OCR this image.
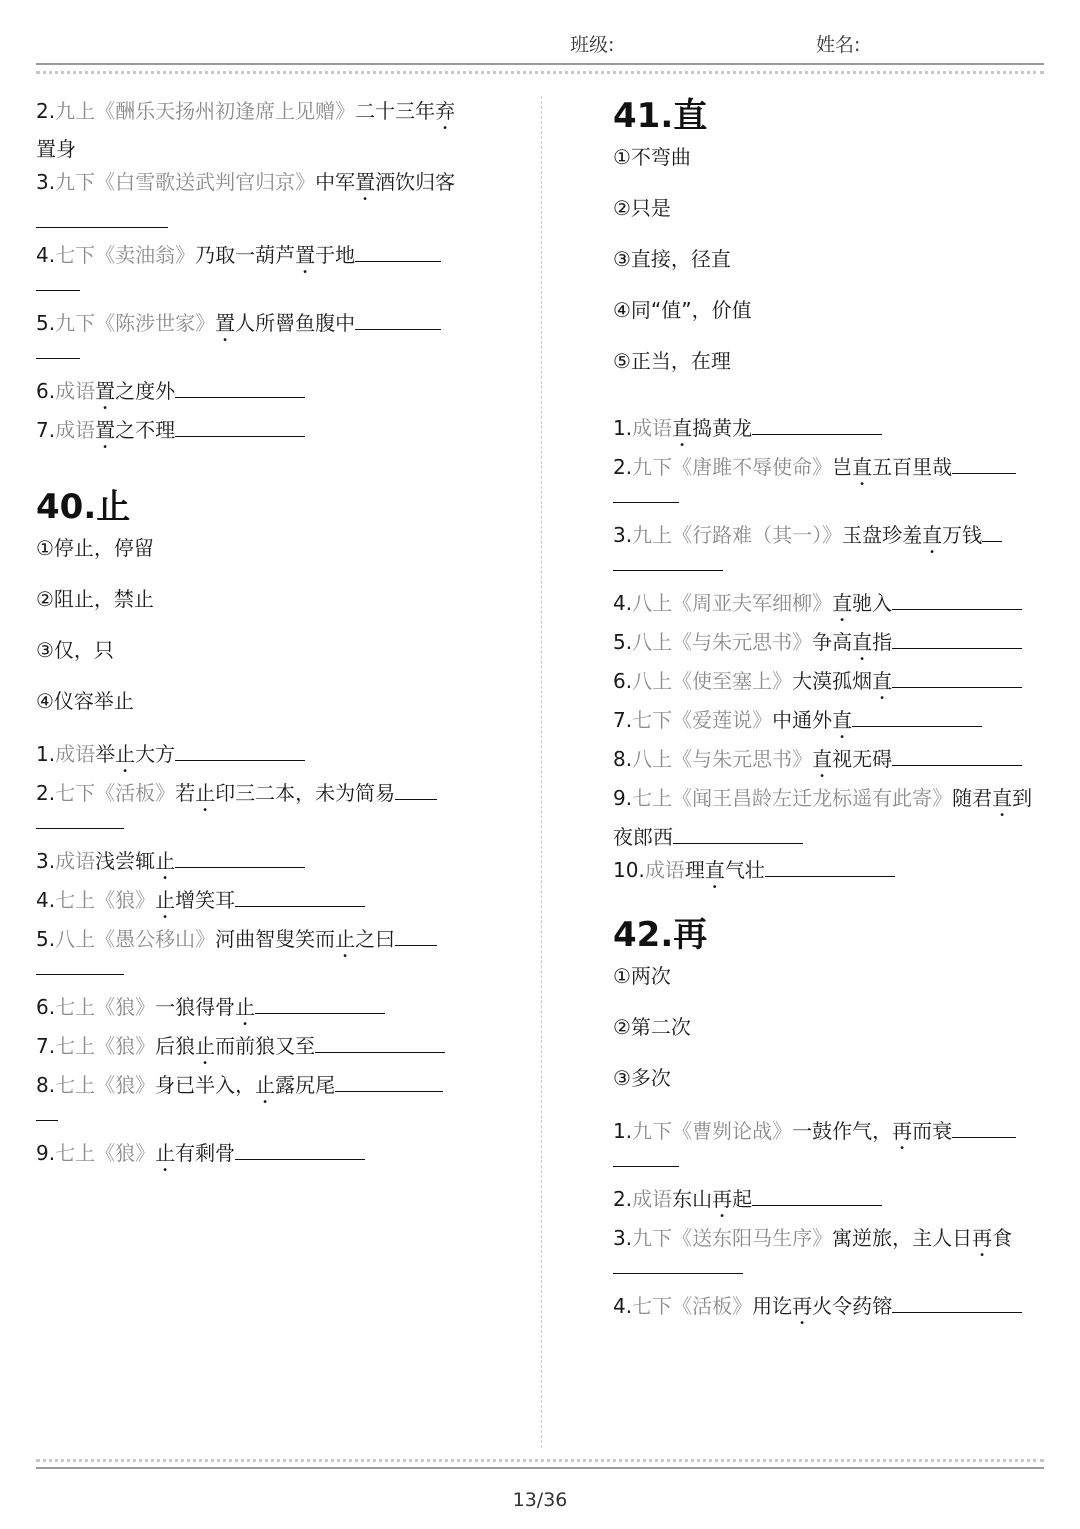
班级:	姓名:
2.九上《酬乐天扬州初逢席上见赠》二十三年弃置身
3.九下《白雪歌送武判官归京》中军置酒饮归客
4.七下《卖油翁》乃取一葫芦置于地
5.九下《陈涉世家》置人所罾鱼腹中
6.成语置之度外
7.成语置之不理
40.止
①停止，停留
②阻止，禁止
③仅，只
④仪容举止
1.成语举止大方
2.七下《活板》若止印三二本，未为简易
3.成语浅尝辄止
4.七上《狼》止增笑耳
5.八上《愚公移山》河曲智叟笑而止之曰
6.七上《狼》一狼得骨止
7.七上《狼》后狼止而前狼又至
8.七上《狼》身已半入，止露尻尾
9.七上《狼》止有剩骨
41.直
①不弯曲
②只是
③直接，径直
④同“值”，价值
⑤正当，在理
1.成语直捣黄龙
2.九下《唐雎不辱使命》岂直五百里哉
3.九上《行路难（其一）》玉盘珍羞直万钱
4.八上《周亚夫军细柳》直驰入
5.八上《与朱元思书》争高直指
6.八上《使至塞上》大漠孤烟直
7.七下《爱莲说》中通外直
8.八上《与朱元思书》直视无碍
9.七上《闻王昌龄左迁龙标遥有此寄》随君直到夜郎西
10.成语理直气壮
42.再
①两次
②第二次
③多次
1.九下《曹刿论战》一鼓作气，再而衰
2.成语东山再起
3.九下《送东阳马生序》寓逆旅，主人日再食
4.七下《活板》用讫再火令药镕
13/36
